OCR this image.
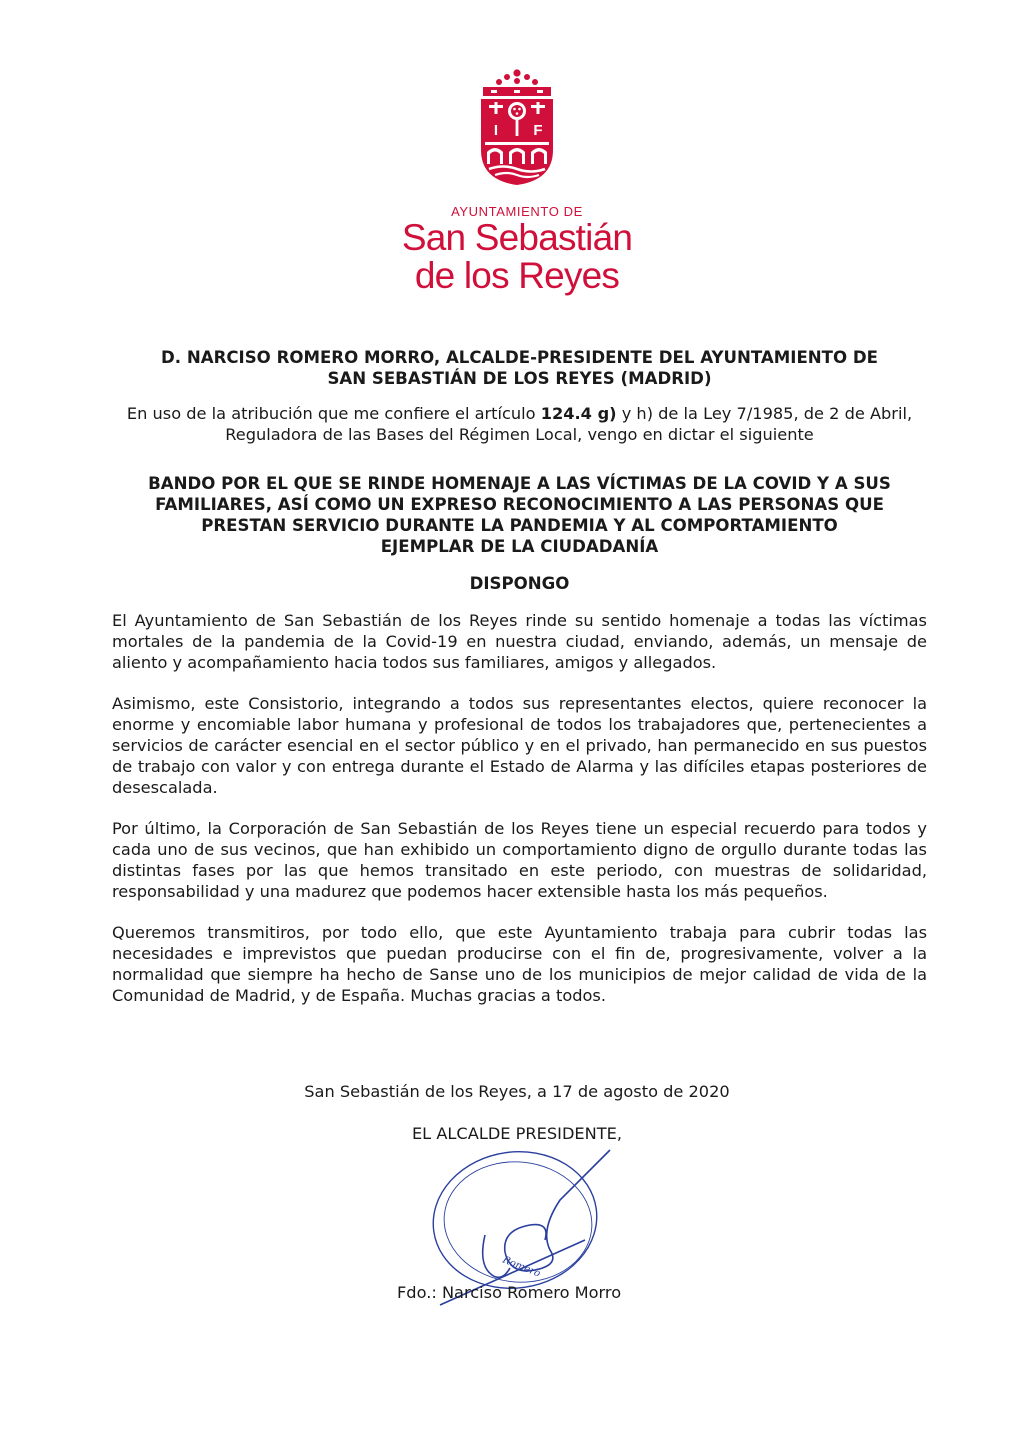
I F
AYUNTAMIENTO DE
San Sebastián
de los Reyes

D. NARCISO ROMERO MORRO, ALCALDE-PRESIDENTE DEL AYUNTAMIENTO DE
SAN SEBASTIÁN DE LOS REYES (MADRID)

En uso de la atribución que me confiere el artículo 124.4 g) y h) de la Ley 7/1985, de 2 de Abril, Reguladora de las Bases del Régimen Local, vengo en dictar el siguiente

BANDO POR EL QUE SE RINDE HOMENAJE A LAS VÍCTIMAS DE LA COVID Y A SUS
FAMILIARES, ASÍ COMO UN EXPRESO RECONOCIMIENTO A LAS PERSONAS QUE
PRESTAN SERVICIO DURANTE LA PANDEMIA Y AL COMPORTAMIENTO
EJEMPLAR DE LA CIUDADANÍA

DISPONGO

El Ayuntamiento de San Sebastián de los Reyes rinde su sentido homenaje a todas las víctimas mortales de la pandemia de la Covid-19 en nuestra ciudad, enviando, además, un mensaje de aliento y acompañamiento hacia todos sus familiares, amigos y allegados.

Asimismo, este Consistorio, integrando a todos sus representantes electos, quiere reconocer la enorme y encomiable labor humana y profesional de todos los trabajadores que, pertenecientes a servicios de carácter esencial en el sector público y en el privado, han permanecido en sus puestos de trabajo con valor y con entrega durante el Estado de Alarma y las difíciles etapas posteriores de desescalada.

Por último, la Corporación de San Sebastián de los Reyes tiene un especial recuerdo para todos y cada uno de sus vecinos, que han exhibido un comportamiento digno de orgullo durante todas las distintas fases por las que hemos transitado en este periodo, con muestras de solidaridad, responsabilidad y una madurez que podemos hacer extensible hasta los más pequeños.

Queremos transmitiros, por todo ello, que este Ayuntamiento trabaja para cubrir todas las necesidades e imprevistos que puedan producirse con el fin de, progresivamente, volver a la normalidad que siempre ha hecho de Sanse uno de los municipios de mejor calidad de vida de la Comunidad de Madrid, y de España. Muchas gracias a todos.

San Sebastián de los Reyes, a 17 de agosto de 2020
EL ALCALDE PRESIDENTE,
Romero
Fdo.: Narciso Romero Morro
